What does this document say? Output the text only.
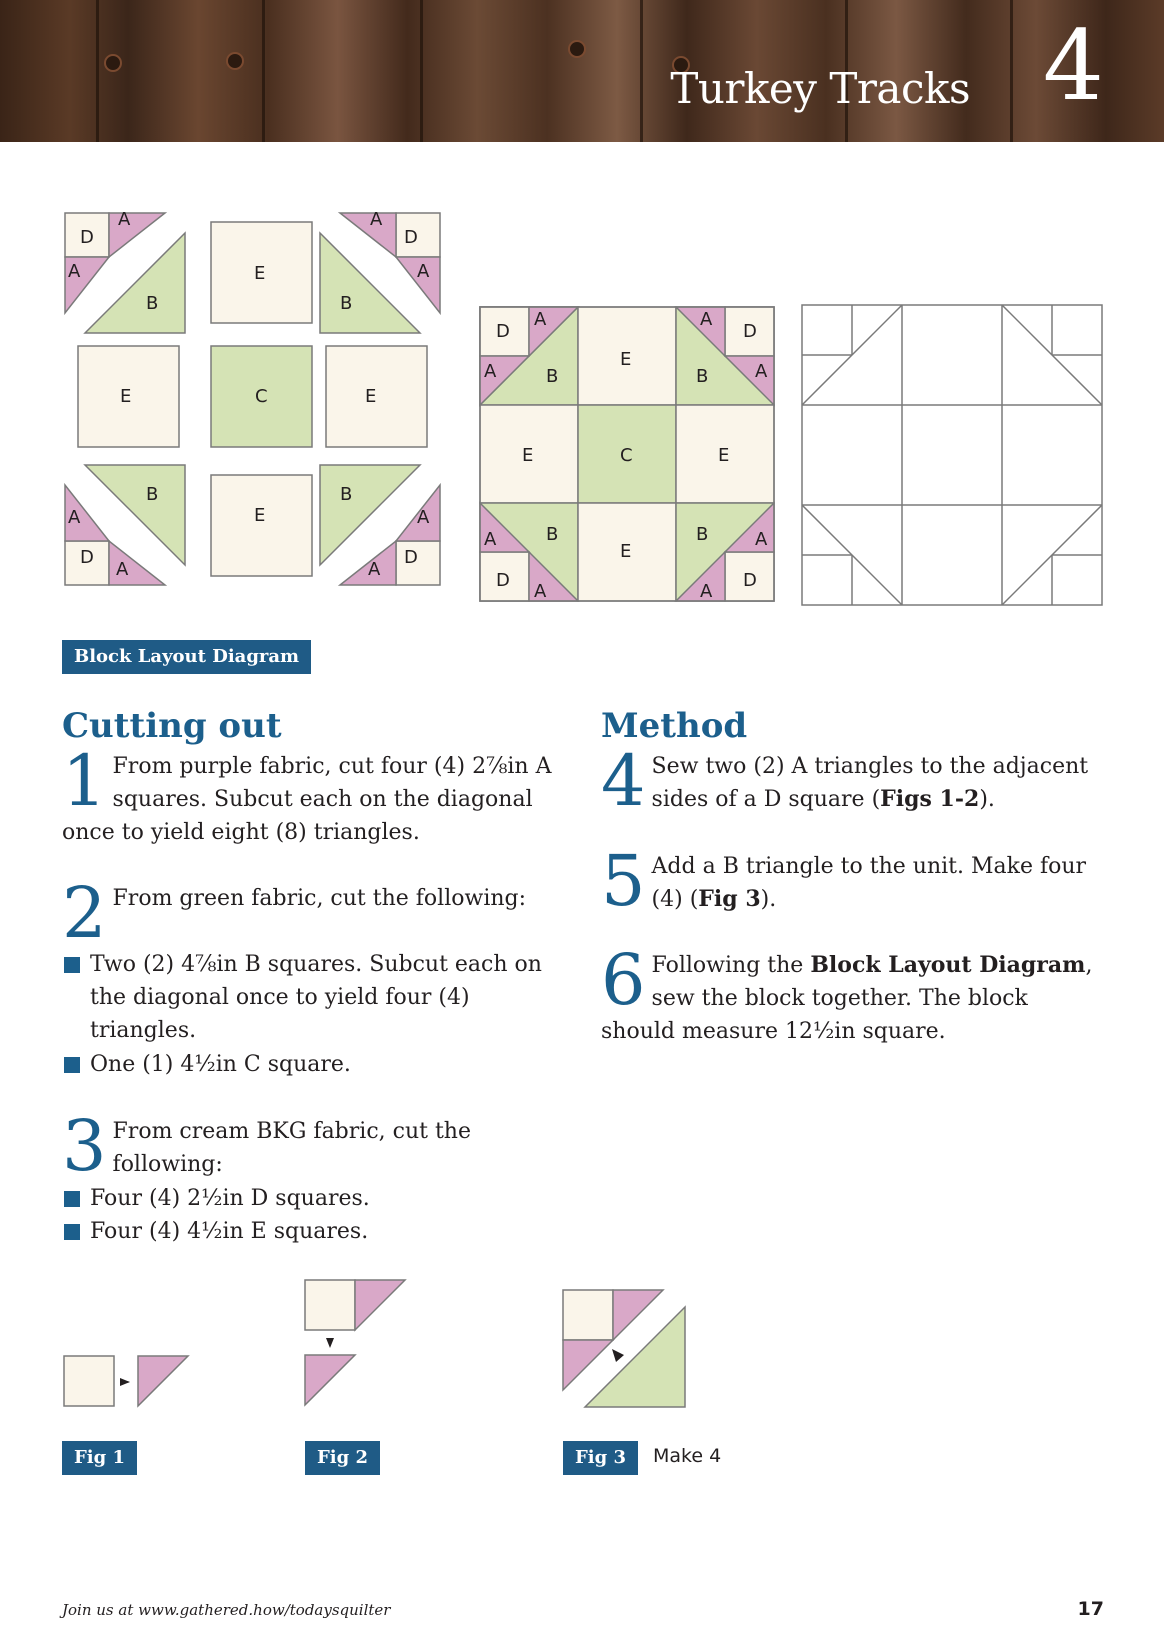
Turkey Tracks 4
D
A
A
B
E
D
A
A
B
E	C	E
D
A
A
B
E
D
A
A
B
D
A
A	B
E
D
A
A
B
E	C	E
D
A
A	B
E
D
A
A
B
Block Layout Diagram
Cutting out
1 From purple fabric, cut four (4) 2⅞in A squares. Subcut each on the diagonal once to yield eight (8) triangles.
2 From green fabric, cut the following:
Two (2) 4⅞in B squares. Subcut each on the diagonal once to yield four (4) triangles.
One (1) 4½in C square.
3 From cream BKG fabric, cut the following:
Four (4) 2½in D squares.
Four (4) 4½in E squares.
Method
4 Sew two (2) A triangles to the adjacent sides of a D square (Figs 1-2).
5 Add a B triangle to the unit. Make four (4) (Fig 3).
6 Following the Block Layout Diagram, sew the block together. The block should measure 12½in square.
Fig 1	Fig 2	Fig 3	Make 4
Join us at www.gathered.how/todaysquilter	17
